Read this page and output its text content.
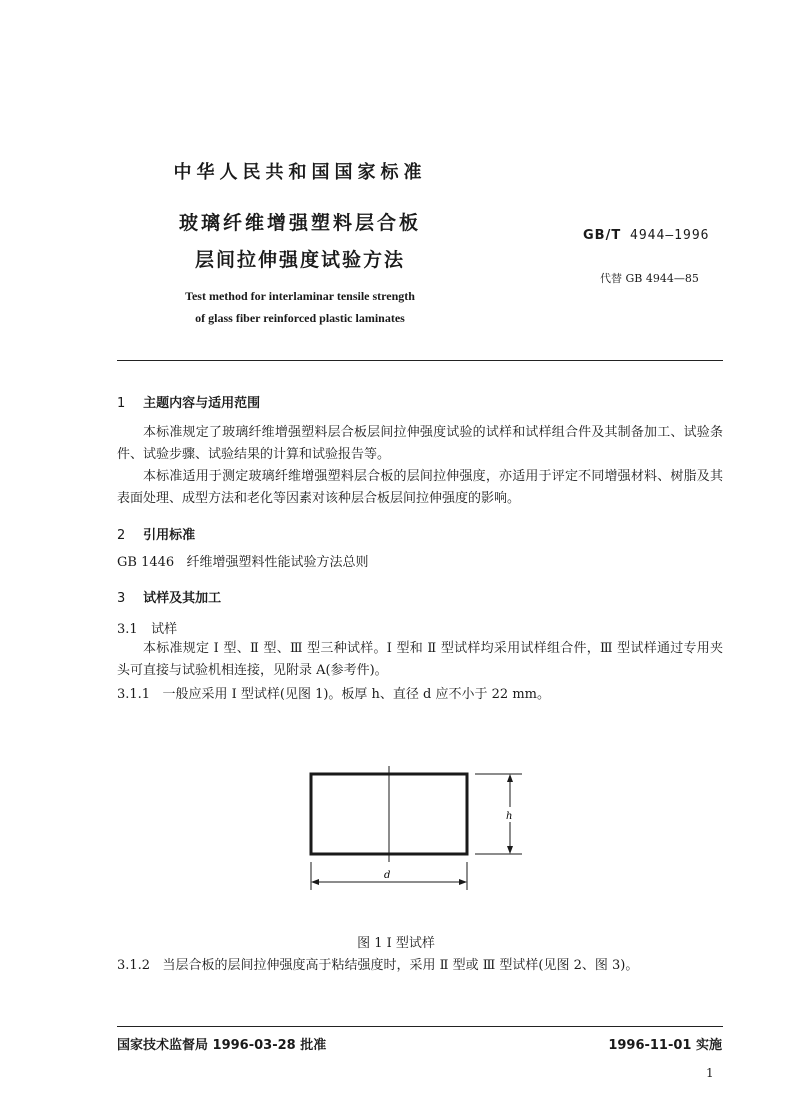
中华人民共和国国家标准
玻璃纤维增强塑料层合板
层间拉伸强度试验方法
Test method for interlaminar tensile strength
of glass fiber reinforced plastic laminates
GB/T 4944—1996
代替 GB 4944—85
1 主题内容与适用范围
本标准规定了玻璃纤维增强塑料层合板层间拉伸强度试验的试样和试样组合件及其制备加工、试验条件、试验步骤、试验结果的计算和试验报告等。
本标准适用于测定玻璃纤维增强塑料层合板的层间拉伸强度，亦适用于评定不同增强材料、树脂及其表面处理、成型方法和老化等因素对该种层合板层间拉伸强度的影响。
2 引用标准
GB 1446   纤维增强塑料性能试验方法总则
3 试样及其加工
3.1 试样
本标准规定 Ⅰ 型、Ⅱ 型、Ⅲ 型三种试样。Ⅰ 型和 Ⅱ 型试样均采用试样组合件，Ⅲ 型试样通过专用夹头可直接与试验机相连接，见附录 A(参考件)。
3.1.1   一般应采用 Ⅰ 型试样(见图 1)。板厚 h、直径 d 应不小于 22 mm。
h
d
图 1 Ⅰ 型试样
3.1.2   当层合板的层间拉伸强度高于粘结强度时，采用 Ⅱ 型或 Ⅲ 型试样(见图 2、图 3)。
国家技术监督局 1996-03-28 批准	1996-11-01 实施
1
